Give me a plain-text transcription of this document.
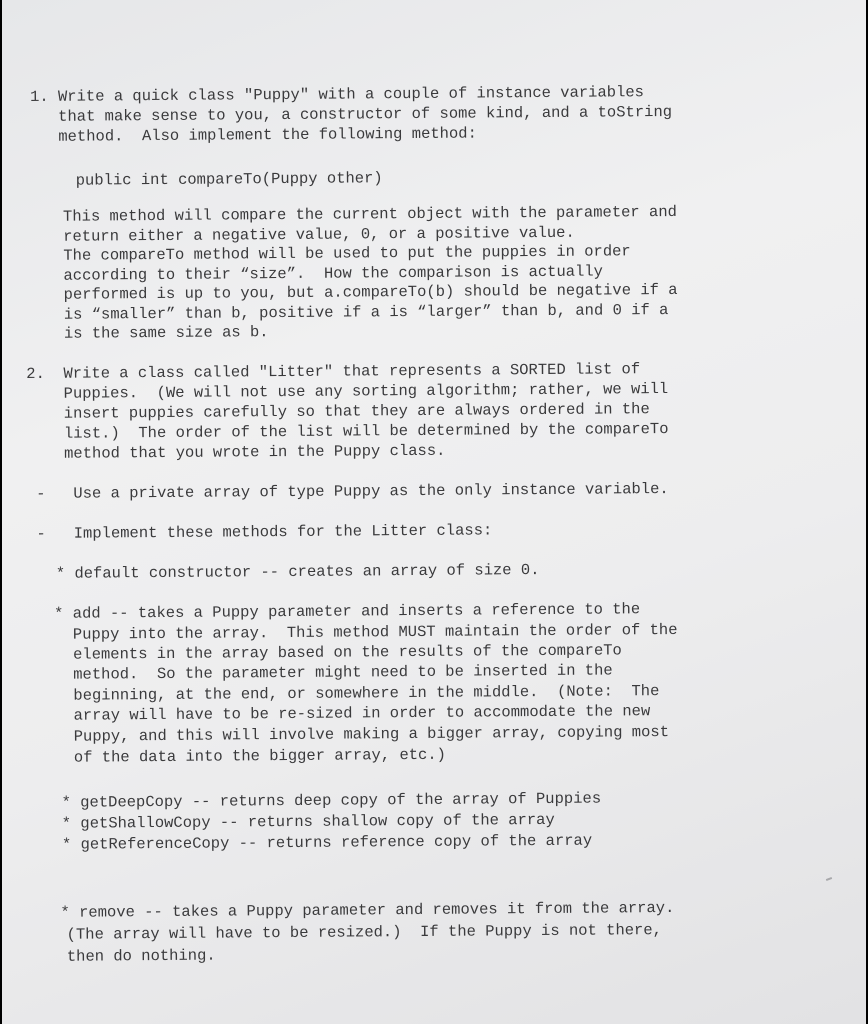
1. Write a quick class "Puppy" with a couple of instance variables

that make sense to you, a constructor of some kind, and a toString

method.  Also implement the following method:

public int compareTo(Puppy other)

This method will compare the current object with the parameter and

return either a negative value, 0, or a positive value.

The compareTo method will be used to put the puppies in order

according to their “size”.  How the comparison is actually

performed is up to you, but a.compareTo(b) should be negative if a

is “smaller” than b, positive if a is “larger” than b, and 0 if a

is the same size as b.

2.  Write a class called "Litter" that represents a SORTED list of

Puppies.  (We will not use any sorting algorithm; rather, we will

insert puppies carefully so that they are always ordered in the

list.)  The order of the list will be determined by the compareTo

method that you wrote in the Puppy class.

-   Use a private array of type Puppy as the only instance variable.

-   Implement these methods for the Litter class:

* default constructor -- creates an array of size 0.

* add -- takes a Puppy parameter and inserts a reference to the

Puppy into the array.  This method MUST maintain the order of the

elements in the array based on the results of the compareTo

method.  So the parameter might need to be inserted in the

beginning, at the end, or somewhere in the middle.  (Note:  The

array will have to be re-sized in order to accommodate the new

Puppy, and this will involve making a bigger array, copying most

of the data into the bigger array, etc.)

* getDeepCopy -- returns deep copy of the array of Puppies

* getShallowCopy -- returns shallow copy of the array

* getReferenceCopy -- returns reference copy of the array

* remove -- takes a Puppy parameter and removes it from the array.

(The array will have to be resized.)  If the Puppy is not there,

then do nothing.
